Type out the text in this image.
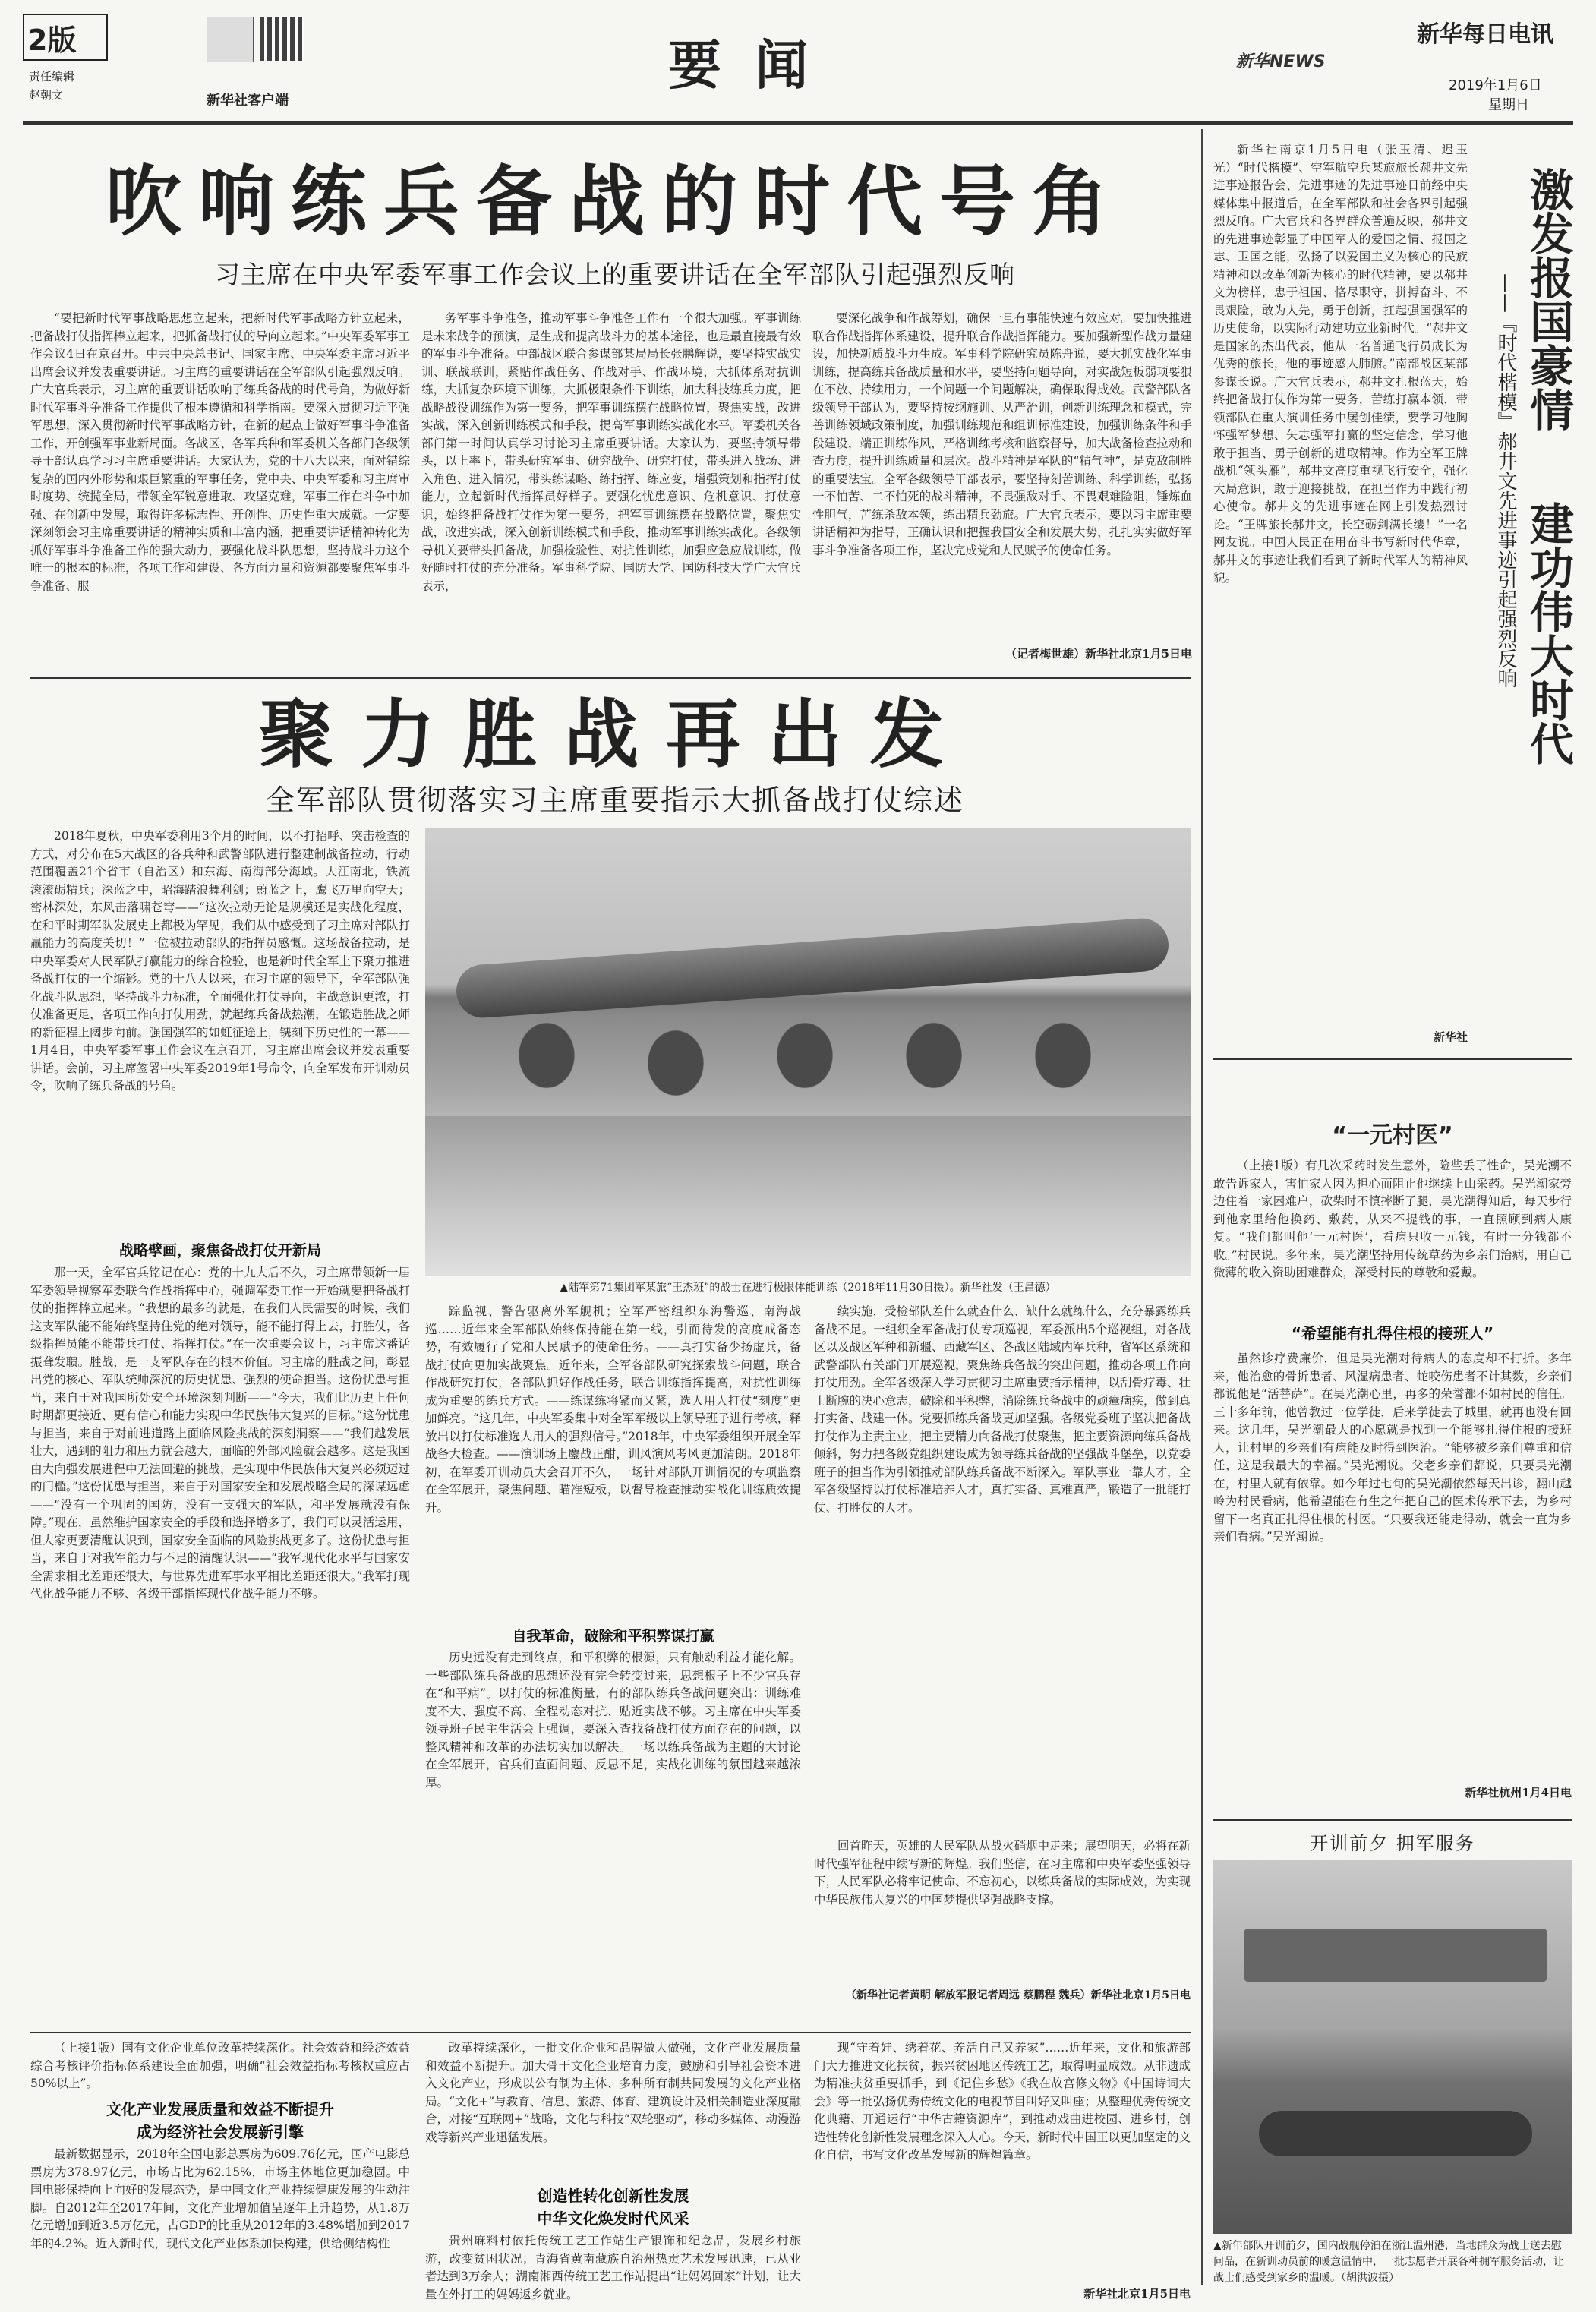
2版
责任编辑
赵朝文	新华社客户端
要 闻	新华NEWS
新华每日电讯
2019年1月6日
星期日
吹响练兵备战的时代号角
习主席在中央军委军事工作会议上的重要讲话在全军部队引起强烈反响

“要把新时代军事战略思想立起来，把新时代军事战略方针立起来，把备战打仗指挥棒立起来，把抓备战打仗的导向立起来。”中央军委军事工作会议4日在京召开。中共中央总书记、国家主席、中央军委主席习近平出席会议并发表重要讲话。习主席的重要讲话在全军部队引起强烈反响。广大官兵表示，习主席的重要讲话吹响了练兵备战的时代号角，为做好新时代军事斗争准备工作提供了根本遵循和科学指南。要深入贯彻习近平强军思想，深入贯彻新时代军事战略方针，在新的起点上做好军事斗争准备工作，开创强军事业新局面。各战区、各军兵种和军委机关各部门各级领导干部认真学习习主席重要讲话。大家认为，党的十八大以来，面对错综复杂的国内外形势和艰巨繁重的军事任务，党中央、中央军委和习主席审时度势、统揽全局，带领全军锐意进取、攻坚克难，军事工作在斗争中加强、在创新中发展，取得许多标志性、开创性、历史性重大成就。一定要深刻领会习主席重要讲话的精神实质和丰富内涵，把重要讲话精神转化为抓好军事斗争准备工作的强大动力，要强化战斗队思想，坚持战斗力这个唯一的根本的标准，各项工作和建设、各方面力量和资源都要聚焦军事斗争准备、服

务军事斗争准备，推动军事斗争准备工作有一个很大加强。军事训练是未来战争的预演，是生成和提高战斗力的基本途径，也是最直接最有效的军事斗争准备。中部战区联合参谋部某局局长张鹏辉说，要坚持实战实训、联战联训，紧贴作战任务、作战对手、作战环境，大抓体系对抗训练，大抓复杂环境下训练，大抓极限条件下训练，加大科技练兵力度，把战略战役训练作为第一要务，把军事训练摆在战略位置，聚焦实战，改进实战，深入创新训练模式和手段，提高军事训练实战化水平。军委机关各部门第一时间认真学习讨论习主席重要讲话。大家认为，要坚持领导带头，以上率下，带头研究军事、研究战争、研究打仗，带头进入战场、进入角色、进入情况，带头练谋略、练指挥、练应变，增强策划和指挥打仗能力，立起新时代指挥员好样子。要强化忧患意识、危机意识、打仗意识，始终把备战打仗作为第一要务，把军事训练摆在战略位置，聚焦实战，改进实战，深入创新训练模式和手段，推动军事训练实战化。各级领导机关要带头抓备战，加强检验性、对抗性训练，加强应急应战训练，做好随时打仗的充分准备。军事科学院、国防大学、国防科技大学广大官兵表示，

要深化战争和作战筹划，确保一旦有事能快速有效应对。要加快推进联合作战指挥体系建设，提升联合作战指挥能力。要加强新型作战力量建设，加快新质战斗力生成。军事科学院研究员陈舟说，要大抓实战化军事训练，提高练兵备战质量和水平，要坚持问题导向，对实战短板弱项要狠在不放、持续用力，一个问题一个问题解决，确保取得成效。武警部队各级领导干部认为，要坚持按纲施训、从严治训，创新训练理念和模式，完善训练领域政策制度，加强训练规范和组训标准建设，加强训练条件和手段建设，端正训练作风，严格训练考核和监察督导，加大战备检查拉动和查力度，提升训练质量和层次。战斗精神是军队的“精气神”，是克敌制胜的重要法宝。全军各级领导干部表示，要坚持刻苦训练、科学训练，弘扬一不怕苦、二不怕死的战斗精神，不畏强敌对手、不畏艰难险阻，锤炼血性胆气，苦练杀敌本领，练出精兵劲旅。广大官兵表示，要以习主席重要讲话精神为指导，正确认识和把握我国安全和发展大势，扎扎实实做好军事斗争准备各项工作，坚决完成党和人民赋予的使命任务。

（记者梅世雄）新华社北京1月5日电
聚力胜战再出发
全军部队贯彻落实习主席重要指示大抓备战打仗综述

2018年夏秋，中央军委利用3个月的时间，以不打招呼、突击检查的方式，对分布在5大战区的各兵种和武警部队进行整建制战备拉动，行动范围覆盖21个省市（自治区）和东海、南海部分海域。大江南北，铁流滚滚砺精兵；深蓝之中，昭海踏浪舞利剑；蔚蓝之上，鹰飞万里向空天；密林深处，东风击落啸苍穹——“这次拉动无论是规模还是实战化程度，在和平时期军队发展史上都极为罕见，我们从中感受到了习主席对部队打赢能力的高度关切！”一位被拉动部队的指挥员感慨。这场战备拉动，是中央军委对人民军队打赢能力的综合检验，也是新时代全军上下聚力推进备战打仗的一个缩影。党的十八大以来，在习主席的领导下，全军部队强化战斗队思想，坚持战斗力标准，全面强化打仗导向，主战意识更浓，打仗准备更足，各项工作向打仗用劲，就起练兵备战热潮，在锻造胜战之师的新征程上阔步向前。强国强军的如虹征途上，镌刻下历史性的一幕——1月4日，中央军委军事工作会议在京召开，习主席出席会议并发表重要讲话。会前，习主席签署中央军委2019年1号命令，向全军发布开训动员令，吹响了练兵备战的号角。

▲陆军第71集团军某旅“王杰班”的战士在进行极限体能训练（2018年11月30日摄）。新华社发（王昌德）
战略擘画，聚焦备战打仗开新局

那一天，全军官兵铭记在心：党的十九大后不久，习主席带领新一届军委领导视察军委联合作战指挥中心，强调军委工作一开始就要把备战打仗的指挥棒立起来。“我想的最多的就是，在我们人民需要的时候，我们这支军队能不能始终坚持住党的绝对领导，能不能打得上去，打胜仗，各级指挥员能不能带兵打仗、指挥打仗。”在一次重要会议上，习主席这番话振聋发聩。胜战，是一支军队存在的根本价值。习主席的胜战之问，彰显出党的核心、军队统帅深沉的历史忧患、强烈的使命担当。这份忧患与担当，来自于对我国所处安全环境深刻判断——“今天，我们比历史上任何时期都更接近、更有信心和能力实现中华民族伟大复兴的目标。”这份忧患与担当，来自于对前进道路上面临风险挑战的深刻洞察——“我们越发展壮大，遇到的阻力和压力就会越大，面临的外部风险就会越多。这是我国由大向强发展进程中无法回避的挑战，是实现中华民族伟大复兴必须迈过的门槛。”这份忧患与担当，来自于对国家安全和发展战略全局的深谋远虑——“没有一个巩固的国防，没有一支强大的军队，和平发展就没有保障。”现在，虽然维护国家安全的手段和选择增多了，我们可以灵活运用，但大家更要清醒认识到，国家安全面临的风险挑战更多了。这份忧患与担当，来自于对我军能力与不足的清醒认识——“我军现代化水平与国家安全需求相比差距还很大，与世界先进军事水平相比差距还很大。”我军打现代化战争能力不够、各级干部指挥现代化战争能力不够。

踪监视、警告驱离外军舰机；空军严密组织东海警巡、南海战巡……近年来全军部队始终保持能在第一线，引而待发的高度戒备态势，有效履行了党和人民赋予的使命任务。——真打实备少扬虚兵，备战打仗向更加实战聚焦。近年来，全军各部队研究探索战斗问题，联合作战研究打仗，各部队抓好作战任务，联合训练指挥提高，对抗性训练成为重要的练兵方式。——练谋练将紧而又紧，选人用人打仗“刻度”更加鲜亮。“这几年，中央军委集中对全军军级以上领导班子进行考核，释放出以打仗标准选人用人的强烈信号。”2018年，中央军委组织开展全军战备大检查。——演训场上鏖战正酣，训风演风考风更加清朗。2018年初，在军委开训动员大会召开不久，一场针对部队开训情况的专项监察在全军展开，聚焦问题、瞄准短板，以督导检查推动实战化训练质效提升。

自我革命，破除和平积弊谋打赢

历史远没有走到终点，和平积弊的根源，只有触动利益才能化解。一些部队练兵备战的思想还没有完全转变过来，思想根子上不少官兵存在“和平病”。以打仗的标准衡量，有的部队练兵备战问题突出：训练难度不大、强度不高、全程动态对抗、贴近实战不够。习主席在中央军委领导班子民主生活会上强调，要深入查找备战打仗方面存在的问题，以整风精神和改革的办法切实加以解决。一场以练兵备战为主题的大讨论在全军展开，官兵们直面问题、反思不足，实战化训练的氛围越来越浓厚。

续实施，受检部队差什么就查什么、缺什么就练什么，充分暴露练兵备战不足。一组织全军备战打仗专项巡视，军委派出5个巡视组，对各战区以及战区军种和新疆、西藏军区、各战区陆域内军兵种，省军区系统和武警部队有关部门开展巡视，聚焦练兵备战的突出问题，推动各项工作向打仗用劲。全军各级深入学习贯彻习主席重要指示精神，以刮骨疗毒、壮士断腕的决心意志，破除和平积弊，消除练兵备战中的顽瘴痼疾，做到真打实备、战建一体。党要抓练兵备战更加坚强。各级党委班子坚决把备战打仗作为主责主业，把主要精力向备战打仗聚焦，把主要资源向练兵备战倾斜，努力把各级党组织建设成为领导练兵备战的坚强战斗堡垒，以党委班子的担当作为引领推动部队练兵备战不断深入。军队事业一靠人才，全军各级坚持以打仗标准培养人才，真打实备、真难真严，锻造了一批能打仗、打胜仗的人才。

回首昨天，英雄的人民军队从战火硝烟中走来；展望明天，必将在新时代强军征程中续写新的辉煌。我们坚信，在习主席和中央军委坚强领导下，人民军队必将牢记使命、不忘初心，以练兵备战的实际成效，为实现中华民族伟大复兴的中国梦提供坚强战略支撑。

（新华社记者黄明 解放军报记者周远 蔡鹏程 魏兵）新华社北京1月5日电

新华社南京1月5日电（张玉清、迟玉光）“时代楷模”、空军航空兵某旅旅长郝井文先进事迹报告会、先进事迹的先进事迹日前经中央媒体集中报道后，在全军部队和社会各界引起强烈反响。广大官兵和各界群众普遍反映，郝井文的先进事迹彰显了中国军人的爱国之情、报国之志、卫国之能，弘扬了以爱国主义为核心的民族精神和以改革创新为核心的时代精神，要以郝井文为榜样，忠于祖国、恪尽职守，拼搏奋斗、不畏艰险，敢为人先，勇于创新，扛起强国强军的历史使命，以实际行动建功立业新时代。“郝井文是国家的杰出代表，他从一名普通飞行员成长为优秀的旅长，他的事迹感人肺腑。”南部战区某部参谋长说。广大官兵表示，郝井文扎根蓝天，始终把备战打仗作为第一要务，苦练打赢本领，带领部队在重大演训任务中屡创佳绩，要学习他胸怀强军梦想、矢志强军打赢的坚定信念，学习他敢于担当、勇于创新的进取精神。作为空军王牌战机“领头雁”，郝井文高度重视飞行安全，强化大局意识，敢于迎接挑战，在担当作为中践行初心使命。郝井文的先进事迹在网上引发热烈讨论。“王牌旅长郝井文，长空砺剑满长缨！”一名网友说。中国人民正在用奋斗书写新时代华章，郝井文的事迹让我们看到了新时代军人的精神风貌。

新华社
激发报国豪情
建功伟大时代
——『时代楷模』郝井文先进事迹引起强烈反响
“一元村医”

（上接1版）有几次采药时发生意外，险些丢了性命，吴光潮不敢告诉家人，害怕家人因为担心而阻止他继续上山采药。吴光潮家旁边住着一家困难户，砍柴时不慎摔断了腿，吴光潮得知后，每天步行到他家里给他换药、敷药，从来不提钱的事，一直照顾到病人康复。“我们都叫他‘一元村医’，看病只收一元钱，有时一分钱都不收。”村民说。多年来，吴光潮坚持用传统草药为乡亲们治病，用自己微薄的收入资助困难群众，深受村民的尊敬和爱戴。

“希望能有扎得住根的接班人”

虽然诊疗费廉价，但是吴光潮对待病人的态度却不打折。多年来，他治愈的骨折患者、风湿病患者、蛇咬伤患者不计其数，乡亲们都说他是“活菩萨”。在吴光潮心里，再多的荣誉都不如村民的信任。三十多年前，他曾教过一位学徒，后来学徒去了城里，就再也没有回来。这几年，吴光潮最大的心愿就是找到一个能够扎得住根的接班人，让村里的乡亲们有病能及时得到医治。“能够被乡亲们尊重和信任，这是我最大的幸福。”吴光潮说。父老乡亲们都说，只要吴光潮在，村里人就有依靠。如今年过七旬的吴光潮依然每天出诊，翻山越岭为村民看病，他希望能在有生之年把自己的医术传承下去，为乡村留下一名真正扎得住根的村医。“只要我还能走得动，就会一直为乡亲们看病。”吴光潮说。

新华社杭州1月4日电
开训前夕 拥军服务
▲新年部队开训前夕，国内战舰停泊在浙江温州港，当地群众为战士送去慰问品，在新训动员前的暖意温情中，一批志愿者开展各种拥军服务活动，让战士们感受到家乡的温暖。（胡洪波摄）

（上接1版）国有文化企业单位改革持续深化。社会效益和经济效益综合考核评价指标体系建设全面加强，明确“社会效益指标考核权重应占50%以上”。

文化产业发展质量和效益不断提升
成为经济社会发展新引擎

最新数据显示，2018年全国电影总票房为609.76亿元，国产电影总票房为378.97亿元，市场占比为62.15%，市场主体地位更加稳固。中国电影保持向上向好的发展态势，是中国文化产业持续健康发展的生动注脚。自2012年至2017年间，文化产业增加值呈逐年上升趋势，从1.8万亿元增加到近3.5万亿元，占GDP的比重从2012年的3.48%增加到2017年的4.2%。近入新时代，现代文化产业体系加快构建，供给侧结构性

改革持续深化，一批文化企业和品牌做大做强，文化产业发展质量和效益不断提升。加大骨干文化企业培育力度，鼓励和引导社会资本进入文化产业，形成以公有制为主体、多种所有制共同发展的文化产业格局。“文化+”与教育、信息、旅游、体育、建筑设计及相关制造业深度融合，对接“互联网+”战略，文化与科技“双轮驱动”，移动多媒体、动漫游戏等新兴产业迅猛发展。

创造性转化创新性发展
中华文化焕发时代风采

贵州麻料村依托传统工艺工作站生产银饰和纪念品，发展乡村旅游，改变贫困状况；青海省黄南藏族自治州热贡艺术发展迅速，已从业者达到3万余人；湖南湘西传统工艺工作站提出“让妈妈回家”计划，让大量在外打工的妈妈返乡就业。

现“守着娃、绣着花、养活自己又养家”……近年来，文化和旅游部门大力推进文化扶贫，振兴贫困地区传统工艺，取得明显成效。从非遗成为精准扶贫重要抓手，到《记住乡愁》《我在故宫修文物》《中国诗词大会》等一批弘扬优秀传统文化的电视节目叫好又叫座；从整理优秀传统文化典籍、开通运行“中华古籍资源库”，到推动戏曲进校园、进乡村，创造性转化创新性发展理念深入人心。今天，新时代中国正以更加坚定的文化自信，书写文化改革发展新的辉煌篇章。

新华社北京1月5日电
